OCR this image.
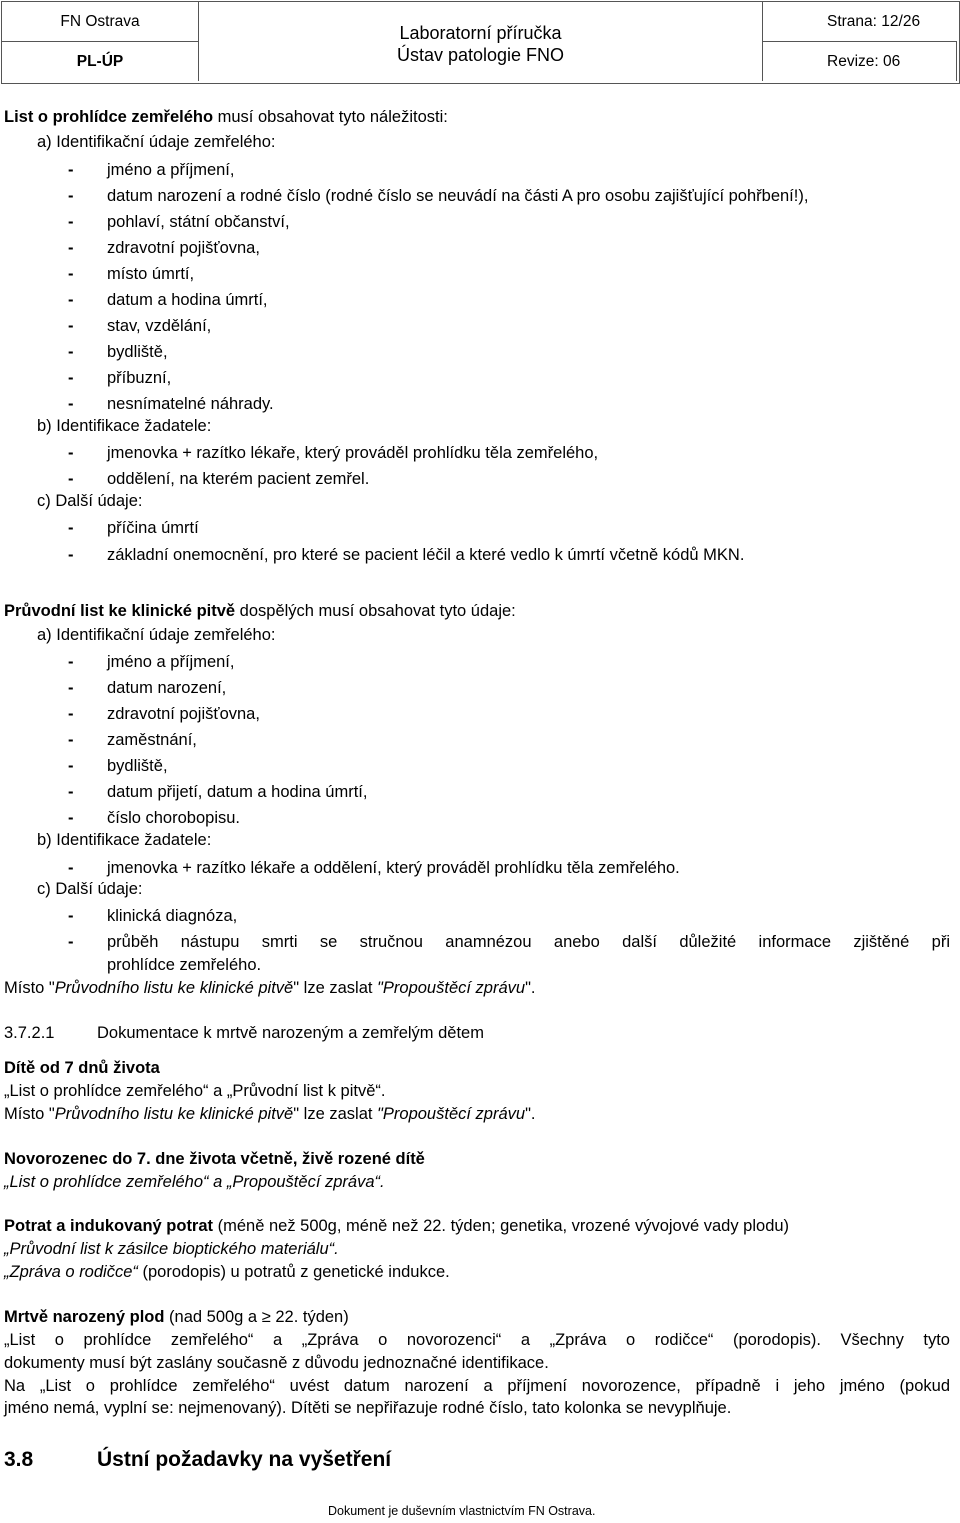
FN Ostrava
Laboratorní příručka
Ústav patologie FNO
Strana: 12/26
PL-ÚP	Revize: 06
List o prohlídce zemřelého musí obsahovat tyto náležitosti:
a) Identifikační údaje zemřelého:
- jméno a příjmení,
- datum narození a rodné číslo (rodné číslo se neuvádí na části A pro osobu zajišťující pohřbení!),
- pohlaví, státní občanství,
- zdravotní pojišťovna,
- místo úmrtí,
- datum a hodina úmrtí,
- stav, vzdělání,
- bydliště,
- příbuzní,
- nesnímatelné náhrady.
b) Identifikace žadatele:
- jmenovka + razítko lékaře, který prováděl prohlídku těla zemřelého,
- oddělení, na kterém pacient zemřel.
c) Další údaje:
- příčina úmrtí
- základní onemocnění, pro které se pacient léčil a které vedlo k úmrtí včetně kódů MKN.
Průvodní list ke klinické pitvě dospělých musí obsahovat tyto údaje:
a) Identifikační údaje zemřelého:
- jméno a příjmení,
- datum narození,
- zdravotní pojišťovna,
- zaměstnání,
- bydliště,
- datum přijetí, datum a hodina úmrtí,
- číslo chorobopisu.
b) Identifikace žadatele:
- jmenovka + razítko lékaře a oddělení, který prováděl prohlídku těla zemřelého.
c) Další údaje:
- klinická diagnóza,
- průběh nástupu smrti se stručnou anamnézou anebo další důležité informace zjištěné při
prohlídce zemřelého.
Místo "Průvodního listu ke klinické pitvě" lze zaslat "Propouštěcí zprávu".
3.7.2.1	Dokumentace k mrtvě narozeným a zemřelým dětem
Dítě od 7 dnů života
„List o prohlídce zemřelého“ a „Průvodní list k pitvě“.
Místo "Průvodního listu ke klinické pitvě" lze zaslat "Propouštěcí zprávu".
Novorozenec do 7. dne života včetně, živě rozené dítě
„List o prohlídce zemřelého“ a „Propouštěcí zpráva“.
Potrat a indukovaný potrat (méně než 500g, méně než 22. týden; genetika, vrozené vývojové vady plodu)
„Průvodní list k zásilce bioptického materiálu“.
„Zpráva o rodičce“ (porodopis) u potratů z genetické indukce.
Mrtvě narozený plod (nad 500g a ≥ 22. týden)
„List o prohlídce zemřelého“ a „Zpráva o novorozenci“ a „Zpráva o rodičce“ (porodopis). Všechny tyto
dokumenty musí být zaslány současně z důvodu jednoznačné identifikace.
Na „List o prohlídce zemřelého“ uvést datum narození a příjmení novorozence, případně i jeho jméno (pokud
jméno nemá, vyplní se: nejmenovaný). Dítěti se nepřiřazuje rodné číslo, tato kolonka se nevyplňuje.
3.8	Ústní požadavky na vyšetření
Dokument je duševním vlastnictvím FN Ostrava.
